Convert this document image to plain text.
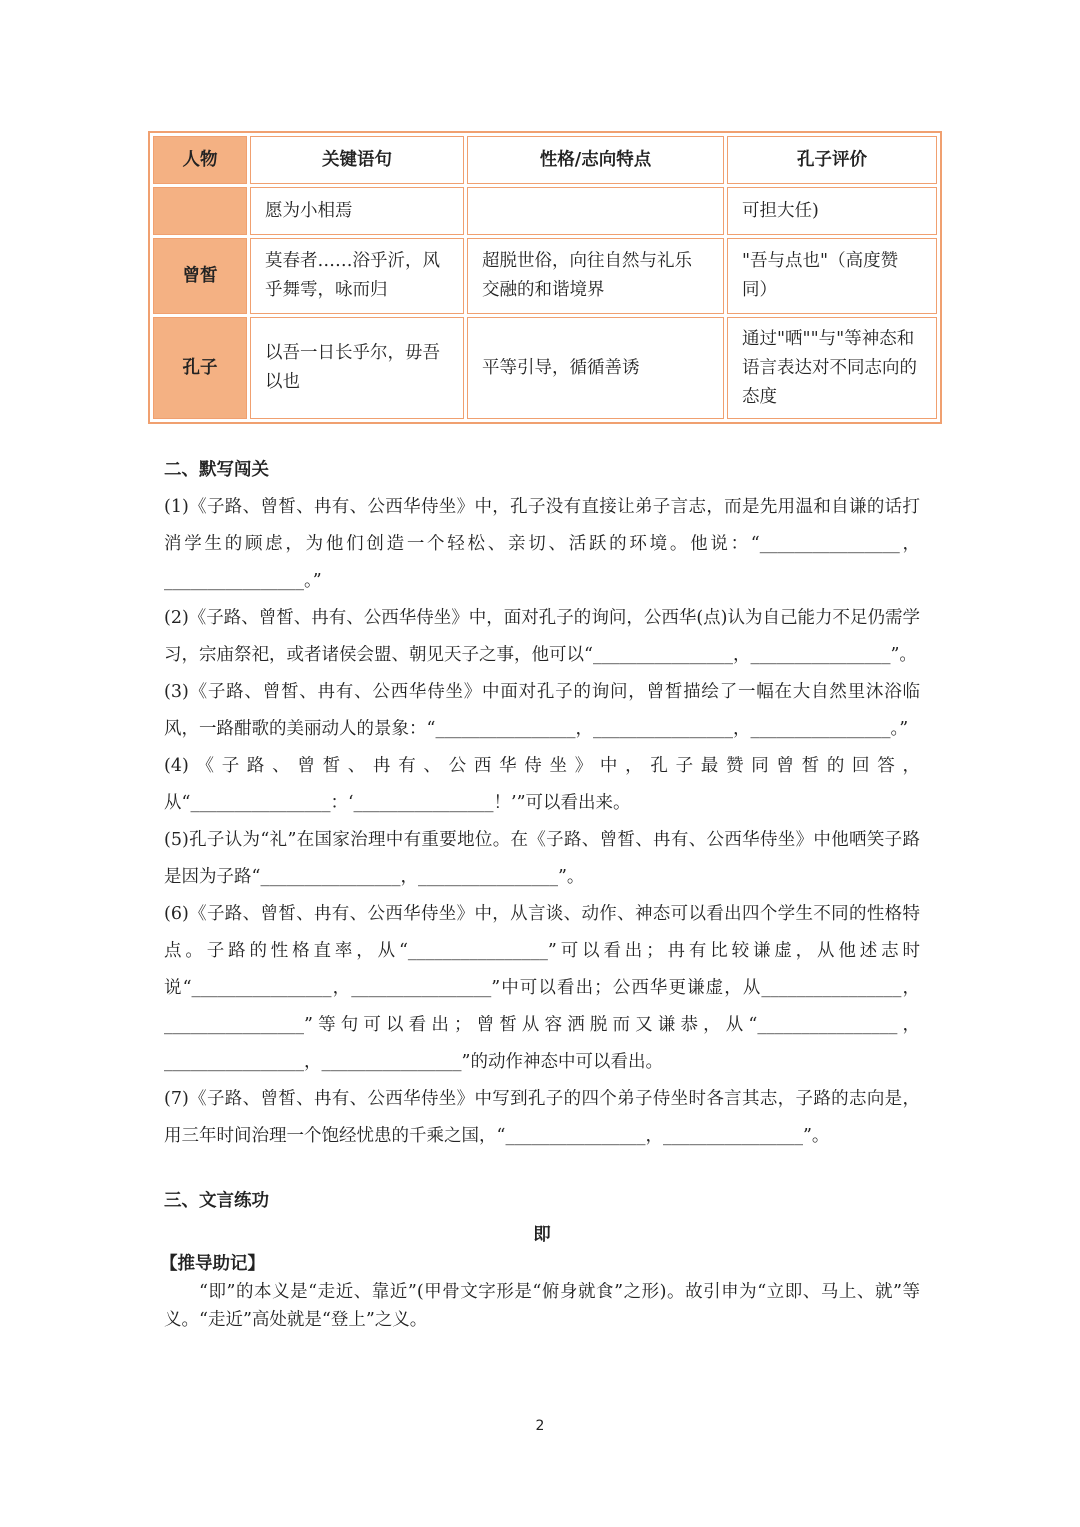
人物	关键语句	性格/志向特点	孔子评价
	愿为小相焉		可担大任)
曾皙	莫春者……浴乎沂，风乎舞雩，咏而归	超脱世俗，向往自然与礼乐交融的和谐境界	"吾与点也"（高度赞同）
孔子	以吾一日长乎尔，毋吾以也	平等引导，循循善诱	通过"哂""与"等神态和语言表达对不同志向的态度

二、默写闯关

(1)《子路、曾皙、冉有、公西华侍坐》中，孔子没有直接让弟子言志，而是先用温和自谦的话打消学生的顾虑，为他们创造一个轻松、亲切、活跃的环境。他说：“________________，________________。”

(2)《子路、曾皙、冉有、公西华侍坐》中，面对孔子的询问，公西华(点)认为自己能力不足仍需学习，宗庙祭祀，或者诸侯会盟、朝见天子之事，他可以“________________，________________”。

(3)《子路、曾皙、冉有、公西华侍坐》中面对孔子的询问，曾皙描绘了一幅在大自然里沐浴临风，一路酣歌的美丽动人的景象：“________________，________________，________________。”

(4)《子路、曾皙、冉有、公西华侍坐》中，孔子最赞同曾皙的回答，从“________________：‘________________！’”可以看出来。

(5)孔子认为“礼”在国家治理中有重要地位。在《子路、曾皙、冉有、公西华侍坐》中他哂笑子路是因为子路“________________，________________”。

(6)《子路、曾皙、冉有、公西华侍坐》中，从言谈、动作、神态可以看出四个学生不同的性格特点。子路的性格直率，从“________________”可以看出；冉有比较谦虚，从他述志时说“________________，________________”中可以看出；公西华更谦虚，从________________，________________”等句可以看出；曾皙从容洒脱而又谦恭，从“________________，________________，________________”的动作神态中可以看出。

(7)《子路、曾皙、冉有、公西华侍坐》中写到孔子的四个弟子侍坐时各言其志，子路的志向是，用三年时间治理一个饱经忧患的千乘之国，“________________，________________”。

三、文言练功

即

【推导助记】

“即”的本义是“走近、靠近”(甲骨文字形是“俯身就食”之形)。故引申为“立即、马上、就”等义。“走近”高处就是“登上”之义。

2
